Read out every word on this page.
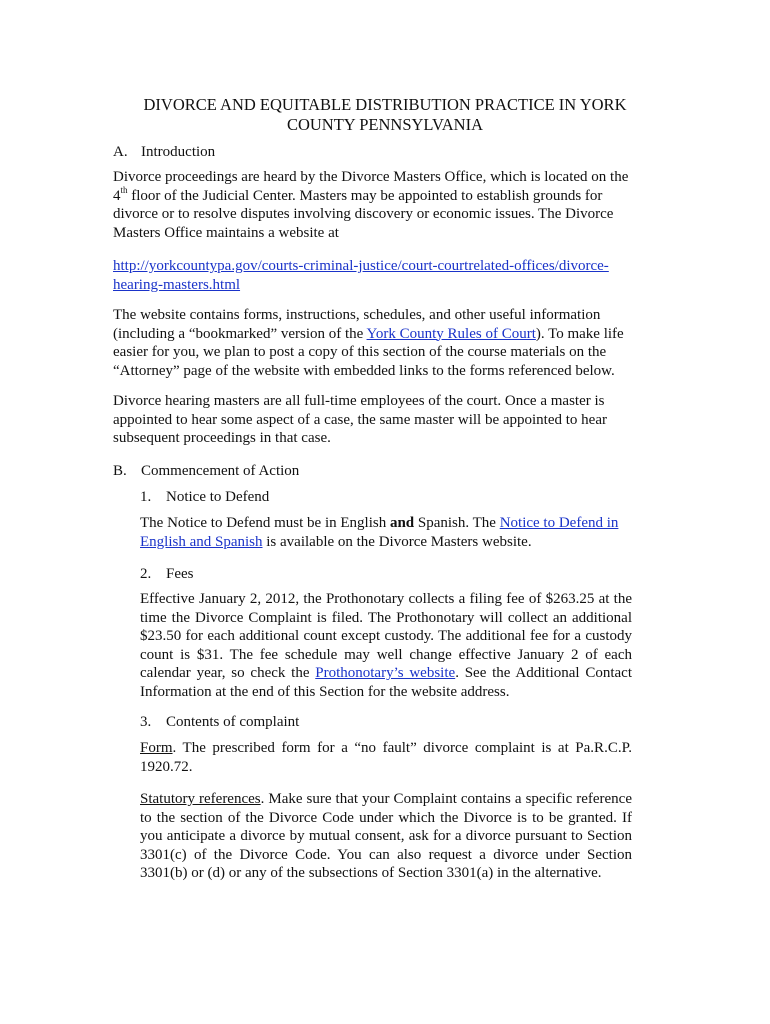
DIVORCE AND EQUITABLE DISTRIBUTION PRACTICE IN YORK
COUNTY PENNSYLVANIA
A. Introduction
Divorce proceedings are heard by the Divorce Masters Office, which is located on the 4th floor of the Judicial Center. Masters may be appointed to establish grounds for divorce or to resolve disputes involving discovery or economic issues. The Divorce Masters Office maintains a website at
http://yorkcountypa.gov/courts-criminal-justice/court-courtrelated-offices/divorce-
hearing-masters.html
The website contains forms, instructions, schedules, and other useful information (including a “bookmarked” version of the York County Rules of Court). To make life easier for you, we plan to post a copy of this section of the course materials on the “Attorney” page of the website with embedded links to the forms referenced below.
Divorce hearing masters are all full-time employees of the court. Once a master is appointed to hear some aspect of a case, the same master will be appointed to hear subsequent proceedings in that case.
B. Commencement of Action
1. Notice to Defend
The Notice to Defend must be in English and Spanish. The Notice to Defend in English and Spanish is available on the Divorce Masters website.
2. Fees
Effective January 2, 2012, the Prothonotary collects a filing fee of $263.25 at the time the Divorce Complaint is filed. The Prothonotary will collect an additional $23.50 for each additional count except custody. The additional fee for a custody count is $31. The fee schedule may well change effective January 2 of each calendar year, so check the Prothonotary’s website. See the Additional Contact Information at the end of this Section for the website address.
3. Contents of complaint
Form. The prescribed form for a “no fault” divorce complaint is at Pa.R.C.P. 1920.72.
Statutory references. Make sure that your Complaint contains a specific reference to the section of the Divorce Code under which the Divorce is to be granted. If you anticipate a divorce by mutual consent, ask for a divorce pursuant to Section 3301(c) of the Divorce Code. You can also request a divorce under Section 3301(b) or (d) or any of the subsections of Section 3301(a) in the alternative.
